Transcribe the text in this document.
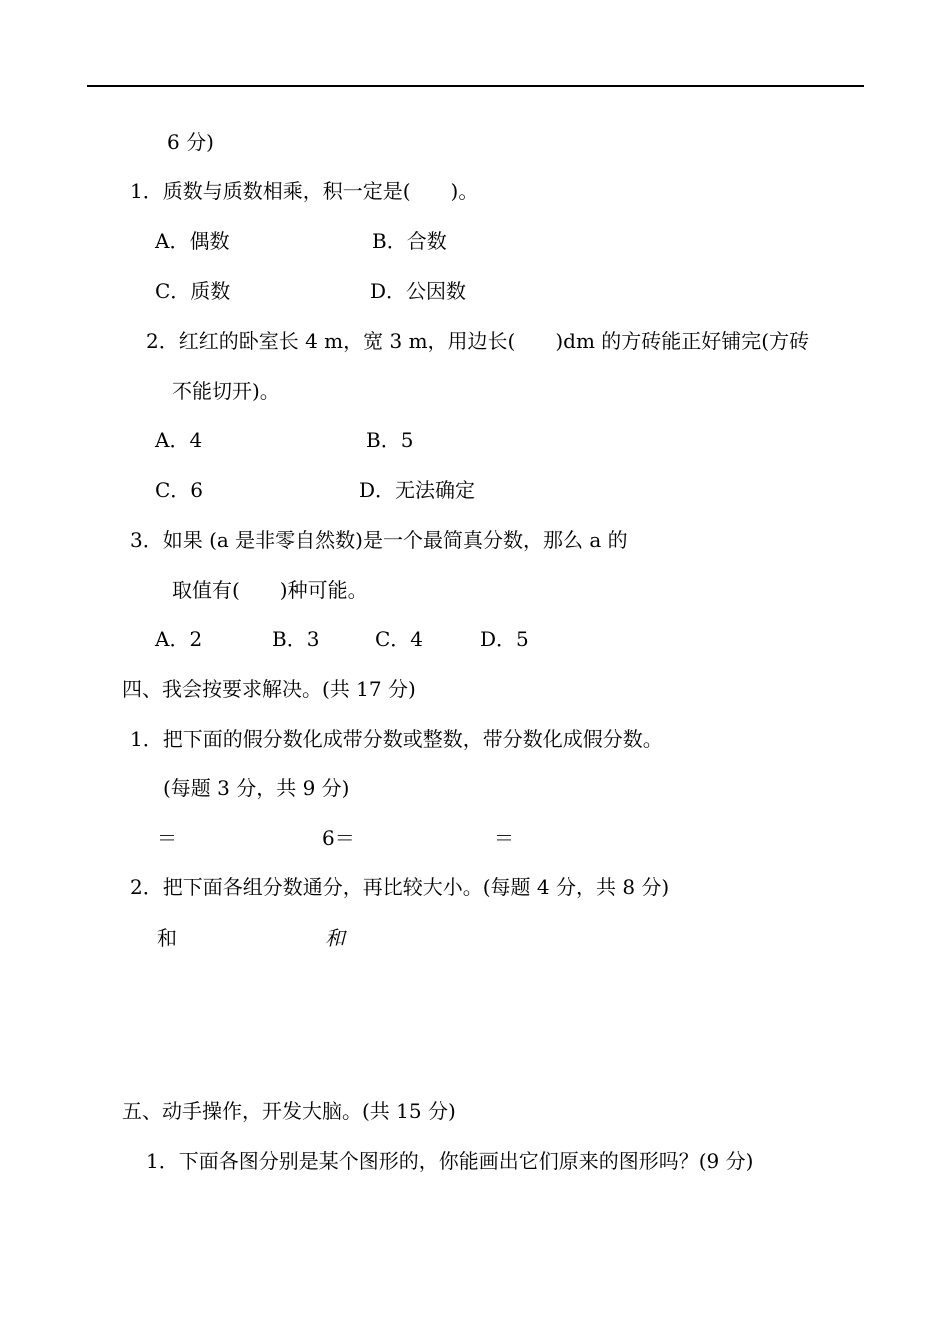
6 分)
1．质数与质数相乘，积一定是(　　)。
A．偶数	B．合数
C．质数	D．公因数
2．红红的卧室长 4 m，宽 3 m，用边长(　　)dm 的方砖能正好铺完(方砖
不能切开)。
A．4	B．5
C．6	D．无法确定
3．如果 (a 是非零自然数)是一个最简真分数，那么 a 的
取值有(　　)种可能。
A．2	B．3	C．4	D．5
四、我会按要求解决。(共 17 分)
1．把下面的假分数化成带分数或整数，带分数化成假分数。
(每题 3 分，共 9 分)
＝	6＝	＝
2．把下面各组分数通分，再比较大小。(每题 4 分，共 8 分)
和	和
五、动手操作，开发大脑。(共 15 分)
1．下面各图分别是某个图形的，你能画出它们原来的图形吗？(9 分)
